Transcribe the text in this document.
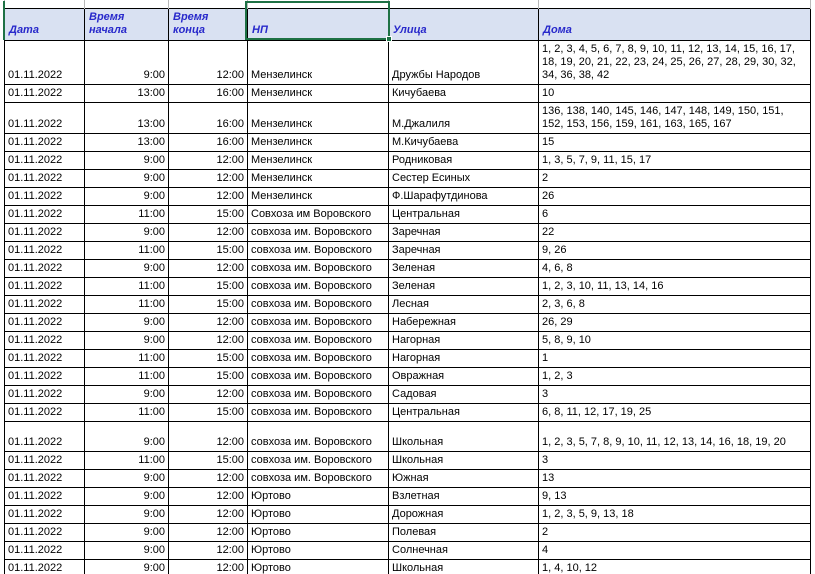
Дата	Время начала	Время конца	НП	Улица	Дома
01.11.2022	9:00	12:00	Мензелинск	Дружбы Народов	1, 2, 3, 4, 5, 6, 7, 8, 9, 10, 11, 12, 13, 14, 15, 16, 17, 18, 19, 20, 21, 22, 23, 24, 25, 26, 27, 28, 29, 30, 32, 34, 36, 38, 42
01.11.2022	13:00	16:00	Мензелинск	Кичубаева	10
01.11.2022	13:00	16:00	Мензелинск	М.Джалиля	136, 138, 140, 145, 146, 147, 148, 149, 150, 151, 152, 153, 156, 159, 161, 163, 165, 167
01.11.2022	13:00	16:00	Мензелинск	М.Кичубаева	15
01.11.2022	9:00	12:00	Мензелинск	Родниковая	1, 3, 5, 7, 9, 11, 15, 17
01.11.2022	9:00	12:00	Мензелинск	Сестер Есиных	2
01.11.2022	9:00	12:00	Мензелинск	Ф.Шарафутдинова	26
01.11.2022	11:00	15:00	Совхоза им Воровского	Центральная	6
01.11.2022	9:00	12:00	совхоза им. Воровского	Заречная	22
01.11.2022	11:00	15:00	совхоза им. Воровского	Заречная	9, 26
01.11.2022	9:00	12:00	совхоза им. Воровского	Зеленая	4, 6, 8
01.11.2022	11:00	15:00	совхоза им. Воровского	Зеленая	1, 2, 3, 10, 11, 13, 14, 16
01.11.2022	11:00	15:00	совхоза им. Воровского	Лесная	2, 3, 6, 8
01.11.2022	9:00	12:00	совхоза им. Воровского	Набережная	26, 29
01.11.2022	9:00	12:00	совхоза им. Воровского	Нагорная	5, 8, 9, 10
01.11.2022	11:00	15:00	совхоза им. Воровского	Нагорная	1
01.11.2022	11:00	15:00	совхоза им. Воровского	Овражная	1, 2, 3
01.11.2022	9:00	12:00	совхоза им. Воровского	Садовая	3
01.11.2022	11:00	15:00	совхоза им. Воровского	Центральная	6, 8, 11, 12, 17, 19, 25
01.11.2022	9:00	12:00	совхоза им. Воровского	Школьная	1, 2, 3, 5, 7, 8, 9, 10, 11, 12, 13, 14, 16, 18, 19, 20
01.11.2022	11:00	15:00	совхоза им. Воровского	Школьная	3
01.11.2022	9:00	12:00	совхоза им. Воровского	Южная	13
01.11.2022	9:00	12:00	Юртово	Взлетная	9, 13
01.11.2022	9:00	12:00	Юртово	Дорожная	1, 2, 3, 5, 9, 13, 18
01.11.2022	9:00	12:00	Юртово	Полевая	2
01.11.2022	9:00	12:00	Юртово	Солнечная	4
01.11.2022	9:00	12:00	Юртово	Школьная	1, 4, 10, 12
